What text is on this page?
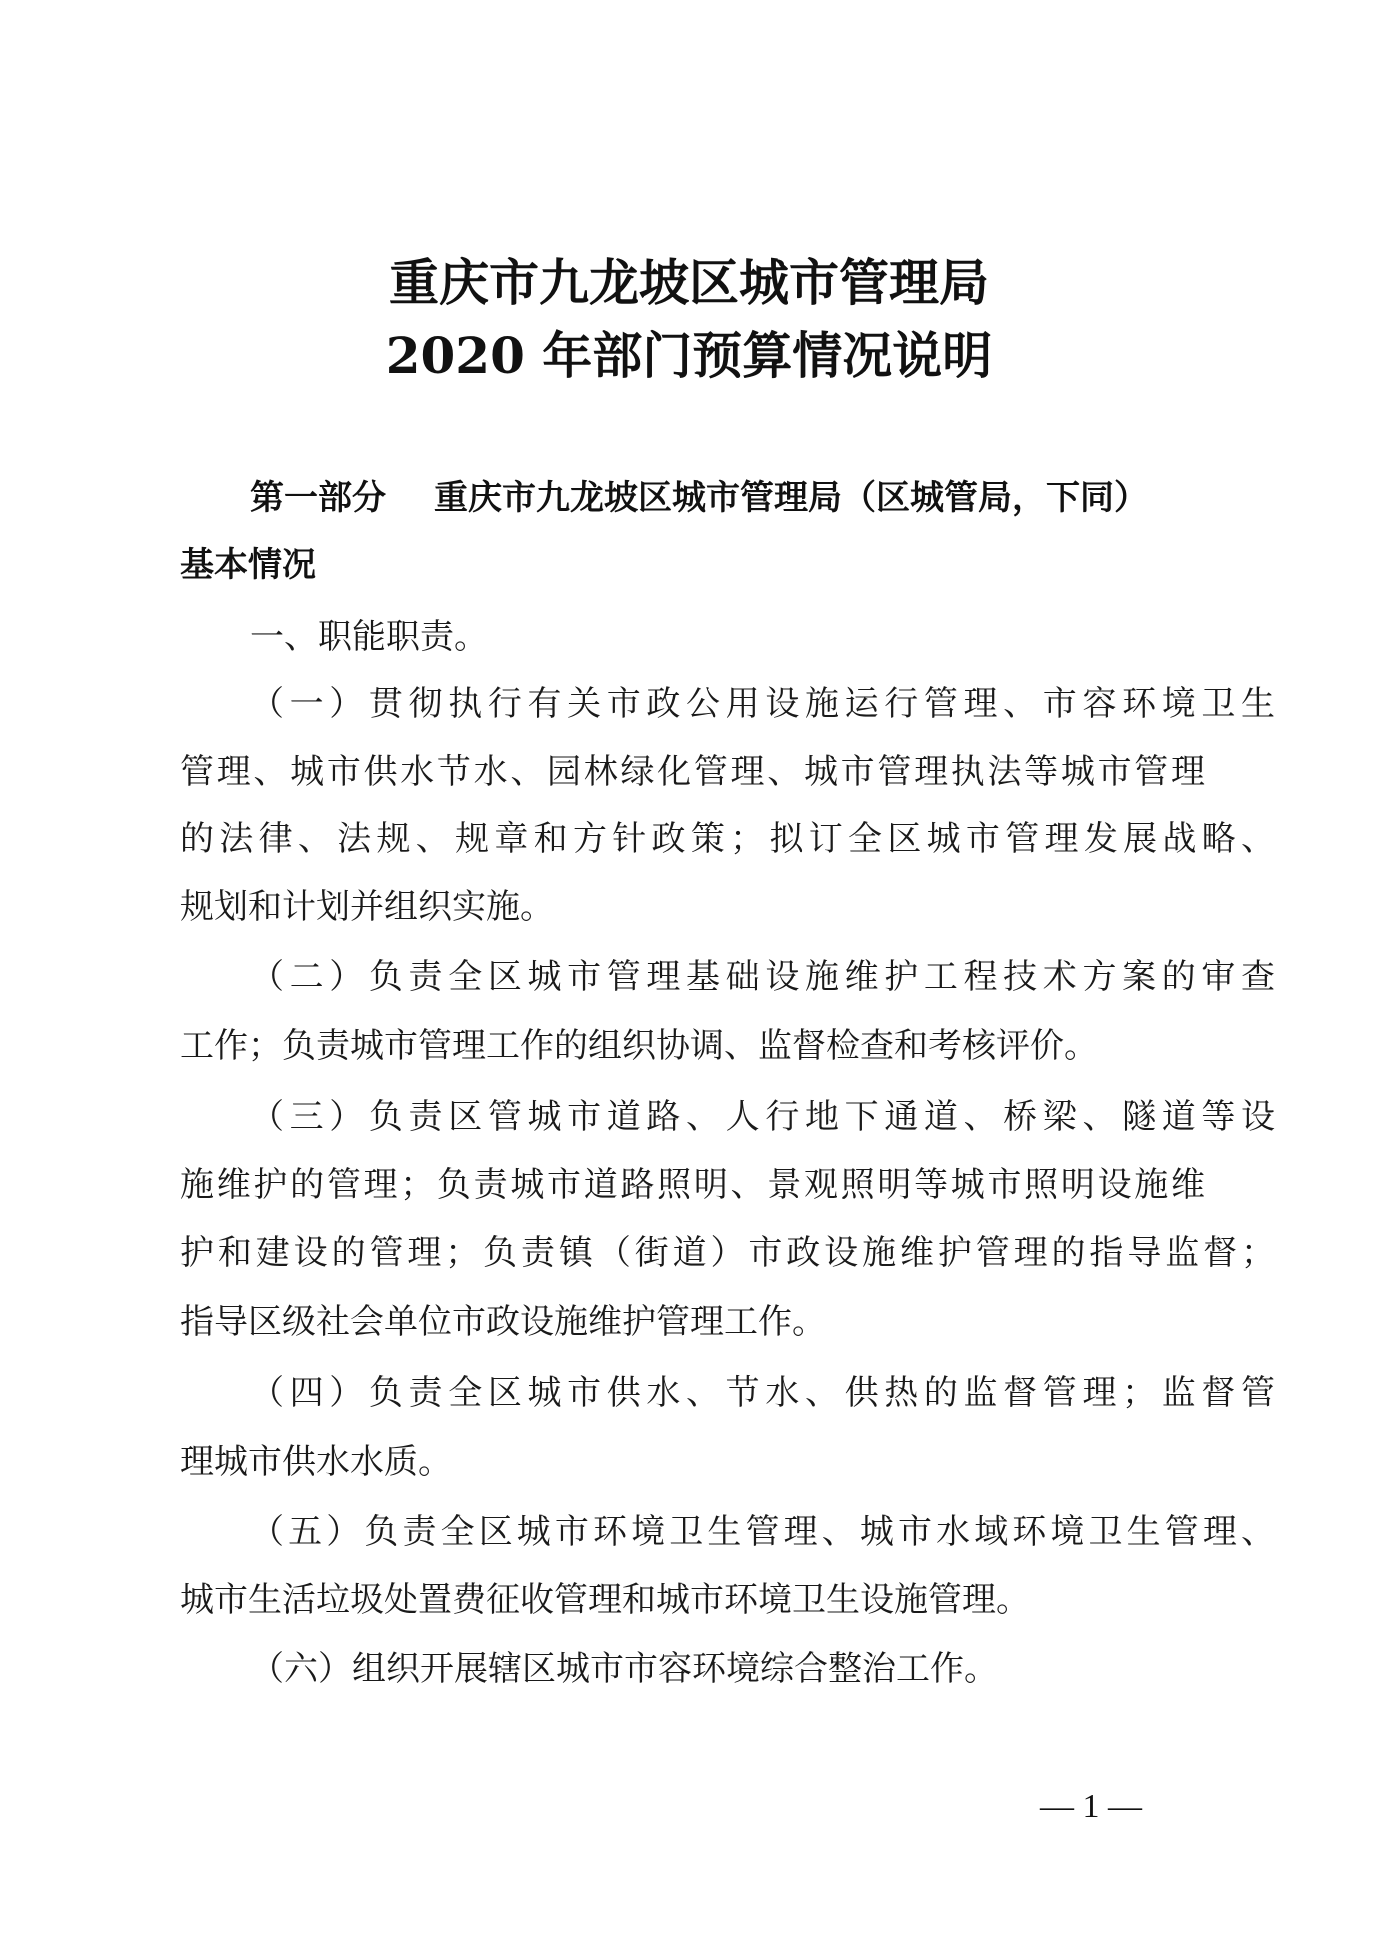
重庆市九龙坡区城市管理局
2020 年部门预算情况说明
第一部分 重庆市九龙坡区城市管理局（区城管局，下同）
基本情况
一、职能职责。
（一）贯彻执行有关市政公用设施运行管理、市容环境卫生
管理、城市供水节水、园林绿化管理、城市管理执法等城市管理
的法律、法规、规章和方针政策；拟订全区城市管理发展战略、
规划和计划并组织实施。
（二）负责全区城市管理基础设施维护工程技术方案的审查
工作；负责城市管理工作的组织协调、监督检查和考核评价。
（三）负责区管城市道路、人行地下通道、桥梁、隧道等设
施维护的管理；负责城市道路照明、景观照明等城市照明设施维
护和建设的管理；负责镇（街道）市政设施维护管理的指导监督；
指导区级社会单位市政设施维护管理工作。
（四）负责全区城市供水、节水、供热的监督管理；监督管
理城市供水水质。
（五）负责全区城市环境卫生管理、城市水域环境卫生管理、
城市生活垃圾处置费征收管理和城市环境卫生设施管理。
（六）组织开展辖区城市市容环境综合整治工作。
— 1 —
